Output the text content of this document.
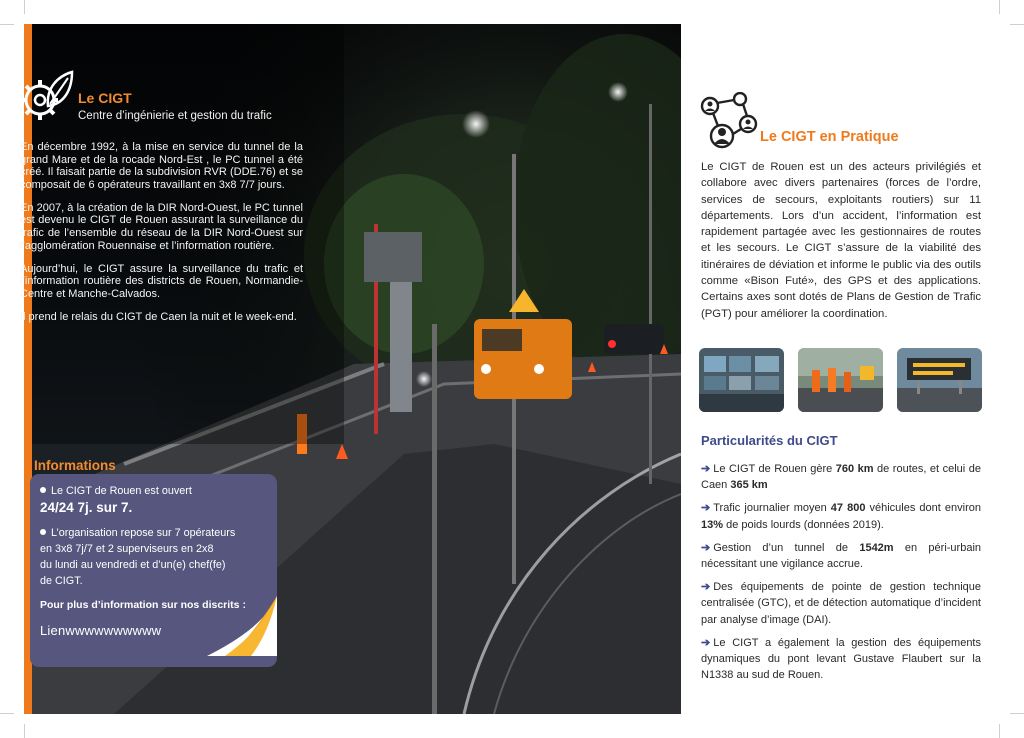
Le CIGT
Centre d’ingénierie et gestion du trafic

En décembre 1992, à la mise en service du tunnel de la grand Mare et de la rocade Nord-Est , le PC tunnel a été créé. Il faisait partie de la subdivision RVR (DDE.76) et se composait de 6 opérateurs travaillant en 3x8 7/7 jours.

En 2007, à la création de la DIR Nord-Ouest, le PC tunnel est devenu le CIGT de Rouen assurant la surveillance du trafic de l’ensemble du réseau de la DIR Nord-Ouest sur l’agglomération Rouennaise et l’information routière.

Aujourd’hui, le CIGT assure la surveillance du trafic et l’information routière des districts de Rouen, Normandie-Centre et Manche-Calvados.

Il prend le relais du CIGT de Caen la nuit et le week-end.

Informations
Le CIGT de Rouen est ouvert
24/24 7j. sur 7.
L’organisation repose sur 7 opérateurs
en 3x8 7j/7 et 2 superviseurs en 2x8
du lundi au vendredi et d’un(e) chef(fe)
de CIGT.
Pour plus d’information sur nos discrits :
Lienwwwwwwwwww
Le CIGT en Pratique
Le CIGT de Rouen est un des acteurs privilégiés et collabore avec divers partenaires (forces de l’ordre, services de secours, exploitants routiers) sur 11 départements. Lors d’un accident, l’information est rapidement partagée avec les gestionnaires de routes et les secours. Le CIGT s’assure de la viabilité des itinéraires de déviation et informe le public via des outils comme «Bison Futé», des GPS et des applications. Certains axes sont dotés de Plans de Gestion de Trafic (PGT) pour améliorer la coordination.
Particularités du CIGT
➔ Le CIGT de Rouen gère 760 km de routes, et celui de Caen 365 km
➔ Trafic journalier moyen 47 800 véhicules dont environ 13% de poids lourds (données 2019).
➔ Gestion d’un tunnel de 1542m en péri-urbain nécessitant une vigilance accrue.
➔ Des équipements de pointe de gestion technique centralisée (GTC), et de détection automatique d’incident par analyse d’image (DAI).
➔ Le CIGT a également la gestion des équipements dynamiques du pont levant Gustave Flaubert sur la N1338 au sud de Rouen.
